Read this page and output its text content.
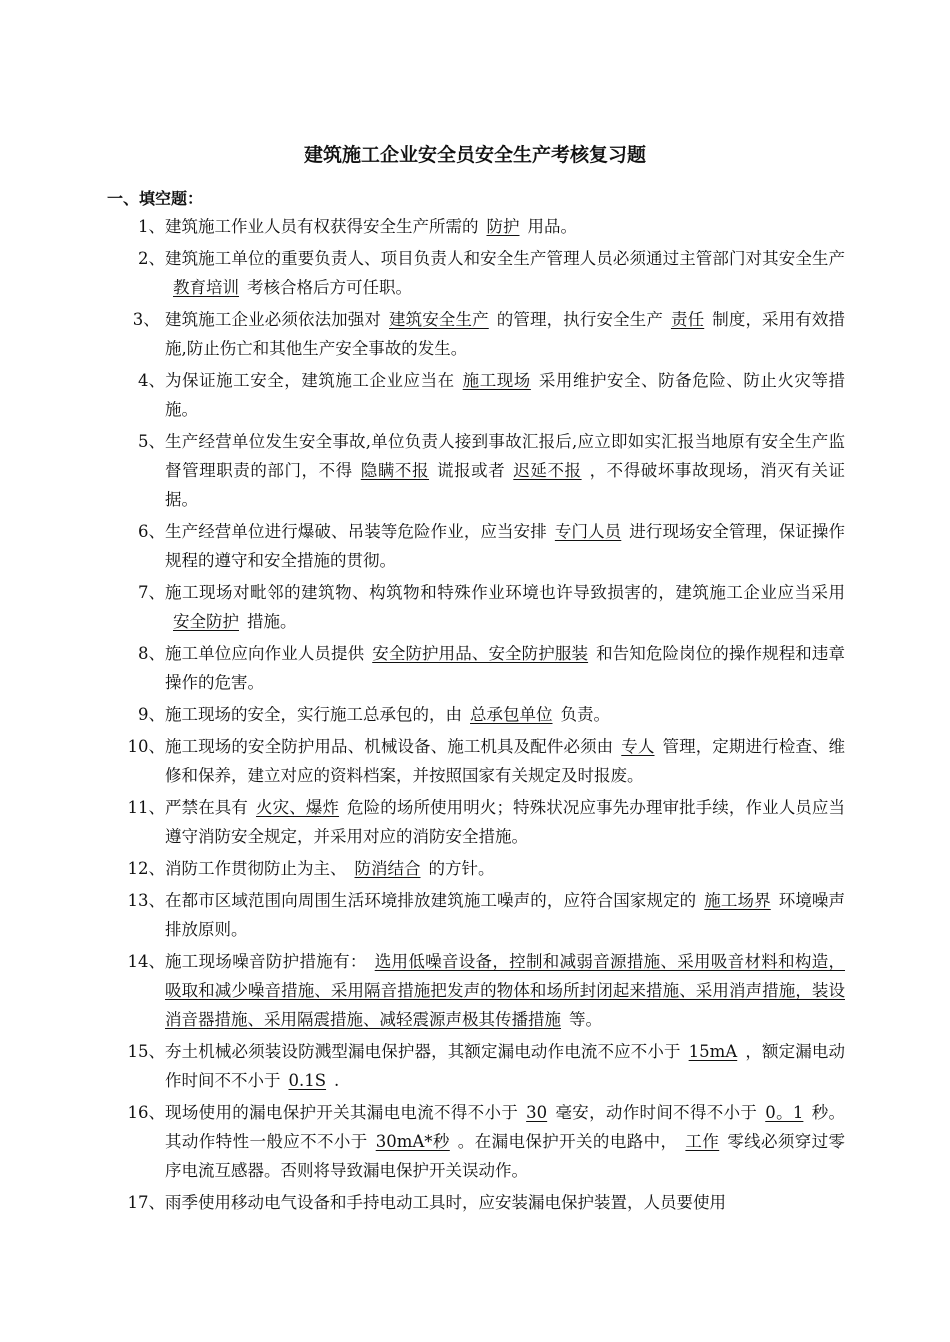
建筑施工企业安全员安全生产考核复习题
一、填空题：
1、 建筑施工作业人员有权获得安全生产所需的 防护 用品。
2、 建筑施工单位的重要负责人、项目负责人和安全生产管理人员必须通过主管部门对其安全生产教育培训 考核合格后方可任职。
3、 建筑施工企业必须依法加强对 建筑安全生产 的管理，执行安全生产 责任 制度，采用有效措施,防止伤亡和其他生产安全事故的发生。
4、 为保证施工安全，建筑施工企业应当在 施工现场 采用维护安全、防备危险、防止火灾等措施。
5、 生产经营单位发生安全事故,单位负责人接到事故汇报后,应立即如实汇报当地原有安全生产监督管理职责的部门，不得 隐瞒不报 谎报或者 迟延不报 ，不得破坏事故现场，消灭有关证据。
6、 生产经营单位进行爆破、吊装等危险作业，应当安排 专门人员 进行现场安全管理，保证操作规程的遵守和安全措施的贯彻。
7、 施工现场对毗邻的建筑物、构筑物和特殊作业环境也许导致损害的，建筑施工企业应当采用安全防护 措施。
8、 施工单位应向作业人员提供 安全防护用品、安全防护服装 和告知危险岗位的操作规程和违章操作的危害。
9、 施工现场的安全，实行施工总承包的，由 总承包单位 负责。
10、 施工现场的安全防护用品、机械设备、施工机具及配件必须由 专人 管理，定期进行检查、维修和保养，建立对应的资料档案，并按照国家有关规定及时报废。
11、 严禁在具有 火灾、爆炸 危险的场所使用明火；特殊状况应事先办理审批手续，作业人员应当遵守消防安全规定，并采用对应的消防安全措施。
12、 消防工作贯彻防止为主、 防消结合 的方针。
13、 在都市区域范围向周围生活环境排放建筑施工噪声的，应符合国家规定的 施工场界 环境噪声排放原则。
14、 施工现场噪音防护措施有： 选用低噪音设备，控制和减弱音源措施、采用吸音材料和构造，吸取和减少噪音措施、采用隔音措施把发声的物体和场所封闭起来措施、采用消声措施，装设消音器措施、采用隔震措施、减轻震源声极其传播措施 等。
15、 夯土机械必须装设防溅型漏电保护器，其额定漏电动作电流不应不小于 15mA ，额定漏电动作时间不不小于 0.1S .
16、 现场使用的漏电保护开关其漏电电流不得不小于 30 毫安，动作时间不得不小于 0。1 秒。其动作特性一般应不不小于 30mA*秒 。在漏电保护开关的电路中， 工作 零线必须穿过零序电流互感器。否则将导致漏电保护开关误动作。
17、 雨季使用移动电气设备和手持电动工具时，应安装漏电保护装置，人员要使用
